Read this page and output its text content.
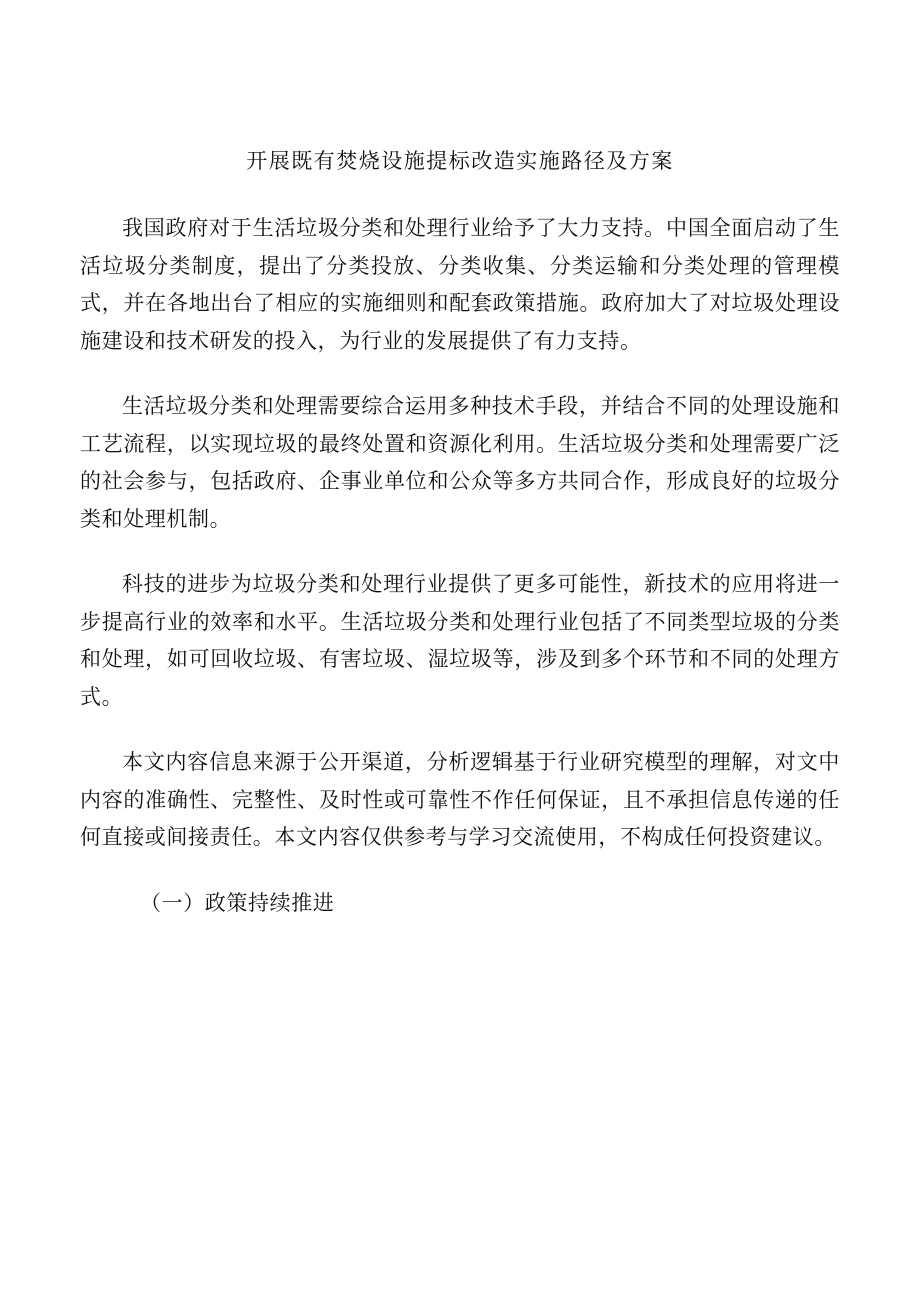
开展既有焚烧设施提标改造实施路径及方案

我国政府对于生活垃圾分类和处理行业给予了大力支持。中国全面启动了生活垃圾分类制度，提出了分类投放、分类收集、分类运输和分类处理的管理模式，并在各地出台了相应的实施细则和配套政策措施。政府加大了对垃圾处理设施建设和技术研发的投入，为行业的发展提供了有力支持。

生活垃圾分类和处理需要综合运用多种技术手段，并结合不同的处理设施和工艺流程，以实现垃圾的最终处置和资源化利用。生活垃圾分类和处理需要广泛的社会参与，包括政府、企事业单位和公众等多方共同合作，形成良好的垃圾分类和处理机制。

科技的进步为垃圾分类和处理行业提供了更多可能性，新技术的应用将进一步提高行业的效率和水平。生活垃圾分类和处理行业包括了不同类型垃圾的分类和处理，如可回收垃圾、有害垃圾、湿垃圾等，涉及到多个环节和不同的处理方式。

本文内容信息来源于公开渠道，分析逻辑基于行业研究模型的理解，对文中内容的准确性、完整性、及时性或可靠性不作任何保证，且不承担信息传递的任何直接或间接责任。本文内容仅供参考与学习交流使用，不构成任何投资建议。

（一）政策持续推进
